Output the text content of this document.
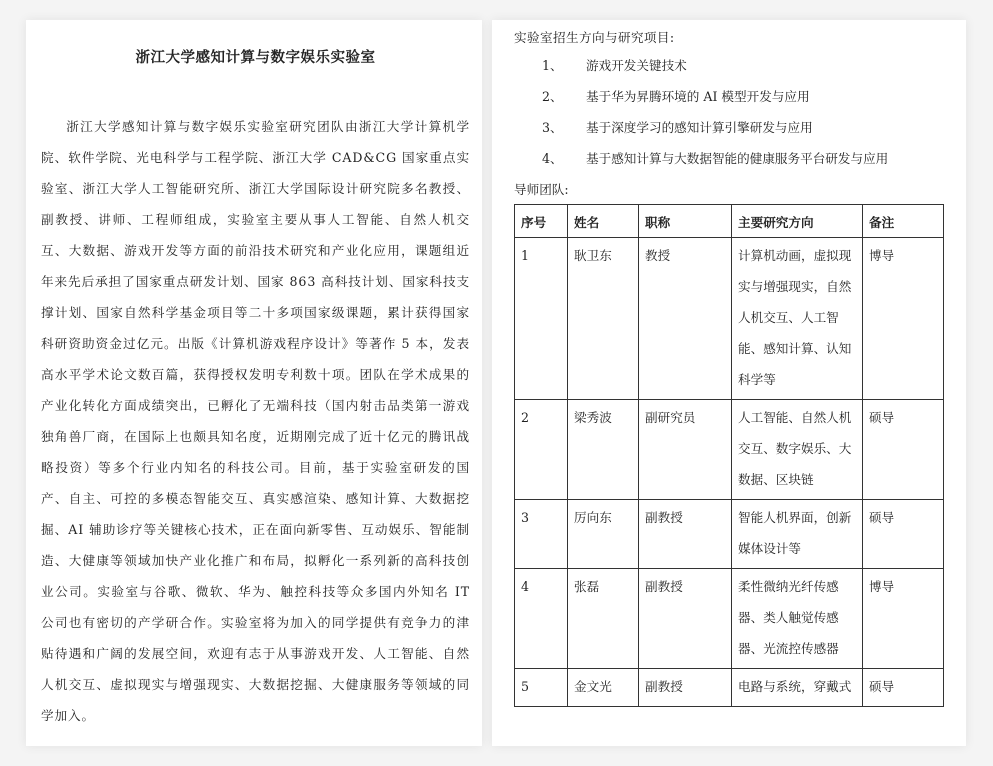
浙江大学感知计算与数字娱乐实验室
浙江大学感知计算与数字娱乐实验室研究团队由浙江大学计算机学院、软件学院、光电科学与工程学院、浙江大学 CAD&CG 国家重点实验室、浙江大学人工智能研究所、浙江大学国际设计研究院多名教授、副教授、讲师、工程师组成，实验室主要从事人工智能、自然人机交互、大数据、游戏开发等方面的前沿技术研究和产业化应用，课题组近年来先后承担了国家重点研发计划、国家 863 高科技计划、国家科技支撑计划、国家自然科学基金项目等二十多项国家级课题，累计获得国家科研资助资金过亿元。出版《计算机游戏程序设计》等著作 5 本，发表高水平学术论文数百篇，获得授权发明专利数十项。团队在学术成果的产业化转化方面成绩突出，已孵化了无端科技（国内射击品类第一游戏独角兽厂商，在国际上也颇具知名度，近期刚完成了近十亿元的腾讯战略投资）等多个行业内知名的科技公司。目前，基于实验室研发的国产、自主、可控的多模态智能交互、真实感渲染、感知计算、大数据挖掘、AI 辅助诊疗等关键核心技术，正在面向新零售、互动娱乐、智能制造、大健康等领域加快产业化推广和布局，拟孵化一系列新的高科技创业公司。实验室与谷歌、微软、华为、触控科技等众多国内外知名 IT 公司也有密切的产学研合作。实验室将为加入的同学提供有竞争力的津贴待遇和广阔的发展空间，欢迎有志于从事游戏开发、人工智能、自然人机交互、虚拟现实与增强现实、大数据挖掘、大健康服务等领域的同学加入。
实验室招生方向与研究项目:
1、	游戏开发关键技术
2、	基于华为昇腾环境的 AI 模型开发与应用
3、	基于深度学习的感知计算引擎研发与应用
4、	基于感知计算与大数据智能的健康服务平台研发与应用
导师团队:
序号	姓名	职称	主要研究方向	备注
1	耿卫东	教授	计算机动画，虚拟现实与增强现实，自然人机交互、人工智能、感知计算、认知科学等	博导
2	梁秀波	副研究员	人工智能、自然人机交互、数字娱乐、大数据、区块链	硕导
3	厉向东	副教授	智能人机界面，创新媒体设计等	硕导
4	张磊	副教授	柔性微纳光纤传感器、类人触觉传感器、光流控传感器	博导
5	金文光	副教授	电路与系统，穿戴式	硕导
